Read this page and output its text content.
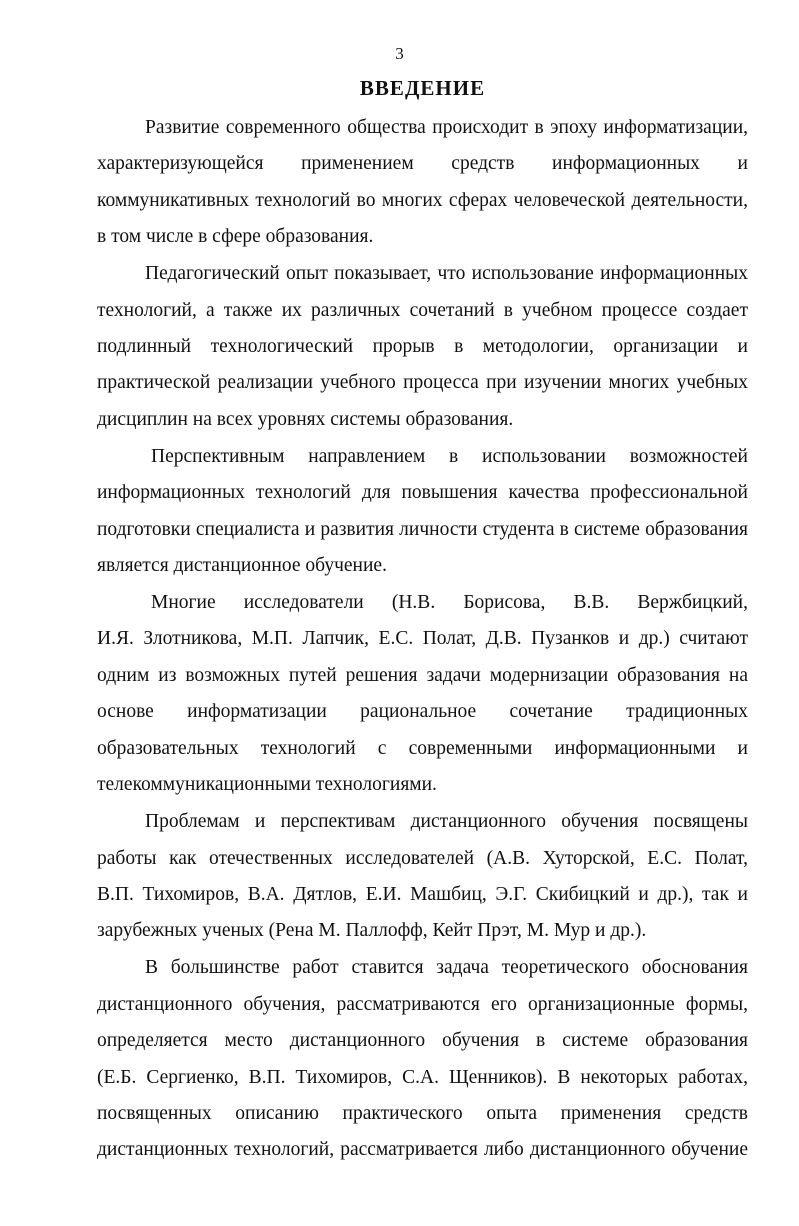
3
ВВЕДЕНИЕ
Развитие современного общества происходит в эпоху информатизации,
характеризующейся применением средств информационных и
коммуникативных технологий во многих сферах человеческой деятельности,
в том числе в сфере образования.
Педагогический опыт показывает, что использование информационных
технологий, а также их различных сочетаний в учебном процессе создает
подлинный технологический прорыв в методологии, организации и
практической реализации учебного процесса при изучении многих учебных
дисциплин на всех уровнях системы образования.
Перспективным направлением в использовании возможностей
информационных технологий для повышения качества профессиональной
подготовки специалиста и развития личности студента в системе образования
является дистанционное обучение.
Многие исследователи (Н.В. Борисова, В.В. Вержбицкий,
И.Я. Злотникова, М.П. Лапчик, Е.С. Полат, Д.В. Пузанков и др.) считают
одним из возможных путей решения задачи модернизации образования на
основе информатизации рациональное сочетание традиционных
образовательных технологий с современными информационными и
телекоммуникационными технологиями.
Проблемам и перспективам дистанционного обучения посвящены
работы как отечественных исследователей (А.В. Хуторской, Е.С. Полат,
В.П. Тихомиров, В.А. Дятлов, Е.И. Машбиц, Э.Г. Скибицкий и др.), так и
зарубежных ученых (Рена М. Паллофф, Кейт Прэт, М. Мур и др.).
В большинстве работ ставится задача теоретического обоснования
дистанционного обучения, рассматриваются его организационные формы,
определяется место дистанционного обучения в системе образования
(Е.Б. Сергиенко, В.П. Тихомиров, С.А. Щенников). В некоторых работах,
посвященных описанию практического опыта применения средств
дистанционных технологий, рассматривается либо дистанционного обучение
